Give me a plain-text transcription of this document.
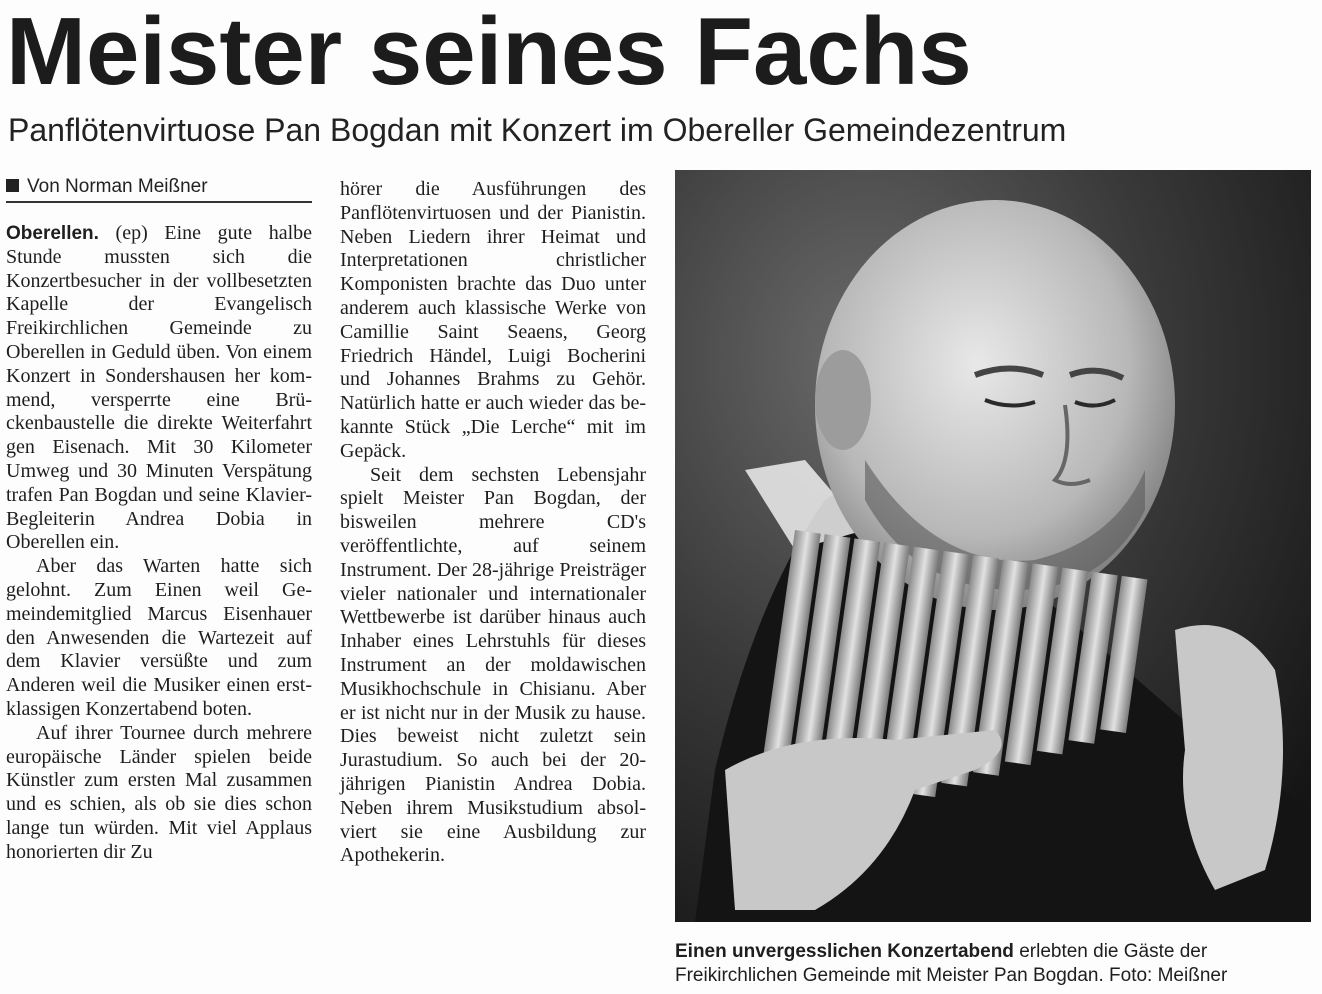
Meister seines Fachs
Panflötenvirtuose Pan Bogdan mit Konzert im Obereller Gemeindezentrum
Von Norman Meißner

Oberellen. (ep) Eine gute halbe Stunde mussten sich die Konzertbesucher in der vollbesetzten Kapelle der Evangelisch Freikirchlichen Gemeinde zu Oberellen in Geduld üben. Von einem Konzert in Sondershausen her kommend, versperrte eine Brückenbaustelle die direkte Weiterfahrt gen Eisenach. Mit 30 Kilometer Umweg und 30 Minuten Verspätung trafen Pan Bogdan und seine Klavier-Begleiterin Andrea Dobia in Oberellen ein.

Aber das Warten hatte sich gelohnt. Zum Einen weil Gemeindemitglied Marcus Eisenhauer den Anwesenden die Wartezeit auf dem Klavier versüßte und zum Anderen weil die Musiker einen erstklassigen Konzertabend boten.

Auf ihrer Tournee durch mehrere europäische Länder spielen beide Künstler zum ersten Mal zusammen und es schien, als ob sie dies schon lange tun würden. Mit viel Applaus honorierten dir Zu

hörer die Ausführungen des Panflötenvirtuosen und der Pianistin. Neben Liedern ihrer Heimat und Interpretationen christlicher Komponisten brachte das Duo unter anderem auch klassische Werke von Camillie Saint Seaens, Georg Friedrich Händel, Luigi Bocherini und Johannes Brahms zu Gehör. Natürlich hatte er auch wieder das bekannte Stück „Die Lerche“ mit im Gepäck.

Seit dem sechsten Lebensjahr spielt Meister Pan Bogdan, der bisweilen mehrere CD's veröffentlichte, auf seinem Instrument. Der 28-jährige Preisträger vieler nationaler und internationaler Wettbewerbe ist darüber hinaus auch Inhaber eines Lehrstuhls für dieses Instrument an der moldawischen Musikhochschule in Chisianu. Aber er ist nicht nur in der Musik zu hause. Dies beweist nicht zuletzt sein Jurastudium. So auch bei der 20-jährigen Pianistin Andrea Dobia. Neben ihrem Musikstudium absolviert sie eine Ausbildung zur Apothekerin.

Einen unvergesslichen Konzertabend erlebten die Gäste der
Freikirchlichen Gemeinde mit Meister Pan Bogdan. Foto: Meißner
